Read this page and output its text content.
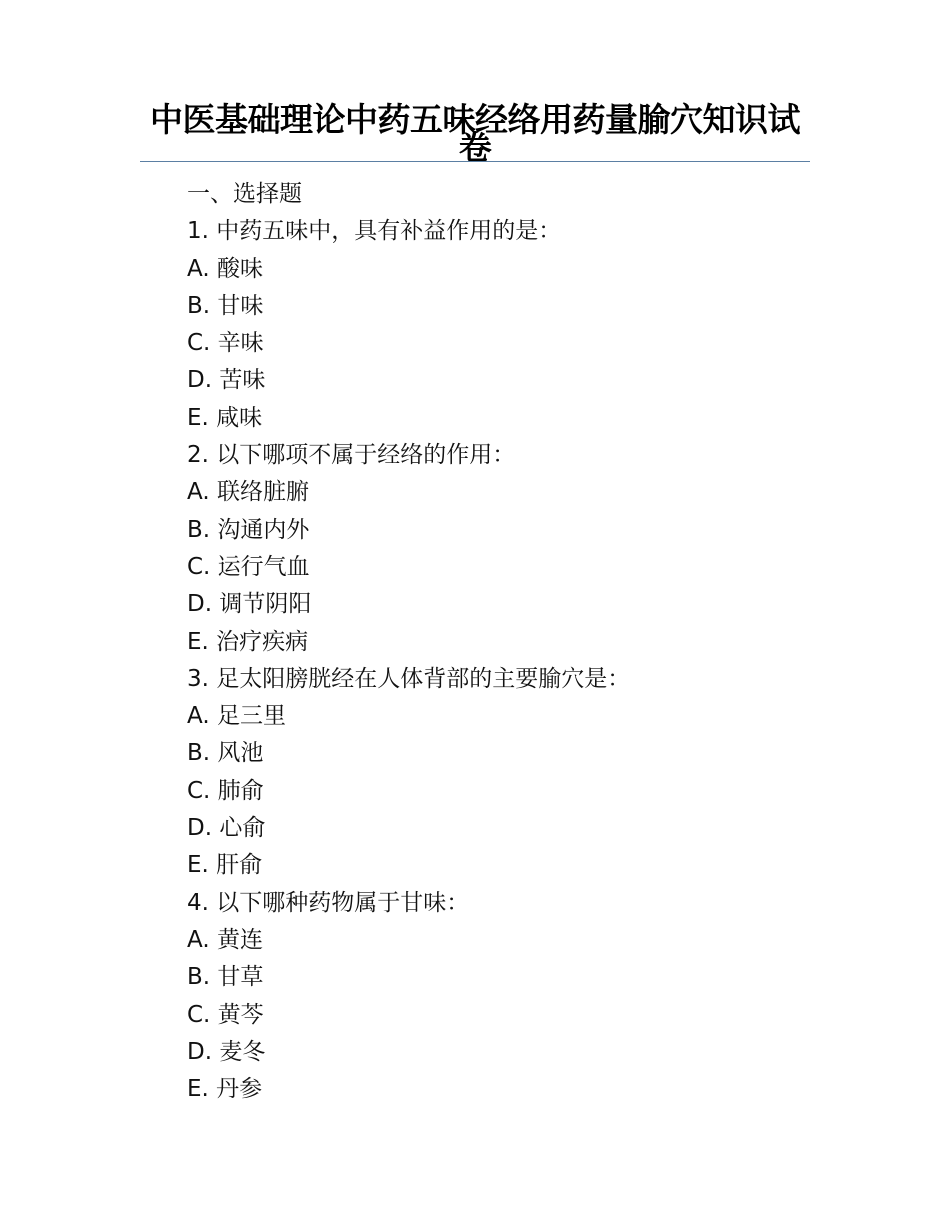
中医基础理论中药五味经络用药量腧穴知识试卷
一、选择题
1. 中药五味中，具有补益作用的是：
A. 酸味
B. 甘味
C. 辛味
D. 苦味
E. 咸味
2. 以下哪项不属于经络的作用：
A. 联络脏腑
B. 沟通内外
C. 运行气血
D. 调节阴阳
E. 治疗疾病
3. 足太阳膀胱经在人体背部的主要腧穴是：
A. 足三里
B. 风池
C. 肺俞
D. 心俞
E. 肝俞
4. 以下哪种药物属于甘味：
A. 黄连
B. 甘草
C. 黄芩
D. 麦冬
E. 丹参
